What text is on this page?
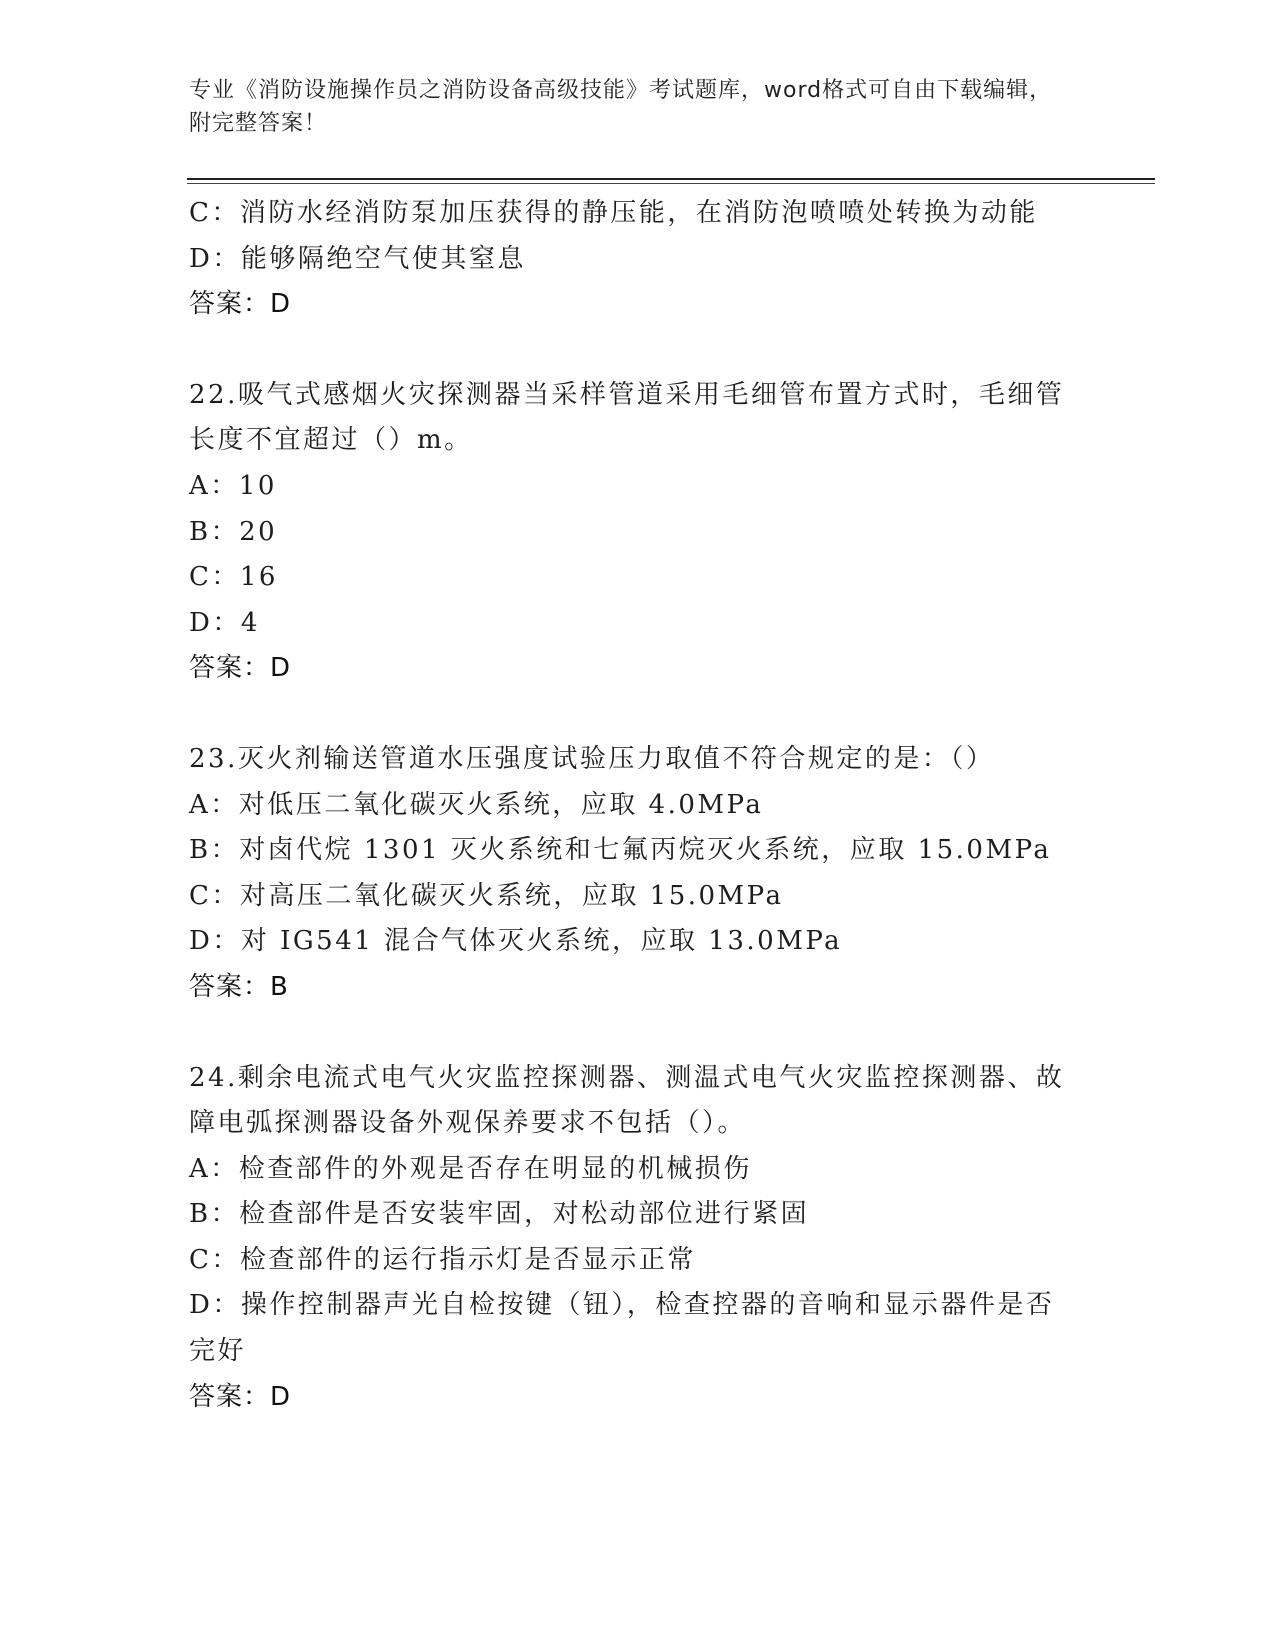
专业《消防设施操作员之消防设备高级技能》考试题库，word格式可自由下载编辑，附完整答案！
C：消防水经消防泵加压获得的静压能，在消防泡喷喷处转换为动能
D：能够隔绝空气使其窒息
答案：D
22.吸气式感烟火灾探测器当采样管道采用毛细管布置方式时，毛细管
长度不宜超过（）m。
A：10
B：20
C：16
D：4
答案：D
23.灭火剂输送管道水压强度试验压力取值不符合规定的是：（）
A：对低压二氧化碳灭火系统，应取 4.0MPa
B：对卤代烷 1301 灭火系统和七氟丙烷灭火系统，应取 15.0MPa
C：对高压二氧化碳灭火系统，应取 15.0MPa
D：对 IG541 混合气体灭火系统，应取 13.0MPa
答案：B
24.剩余电流式电气火灾监控探测器、测温式电气火灾监控探测器、故
障电弧探测器设备外观保养要求不包括（）。
A：检查部件的外观是否存在明显的机械损伤
B：检查部件是否安装牢固，对松动部位进行紧固
C：检查部件的运行指示灯是否显示正常
D：操作控制器声光自检按键（钮），检查控器的音响和显示器件是否
完好
答案：D
